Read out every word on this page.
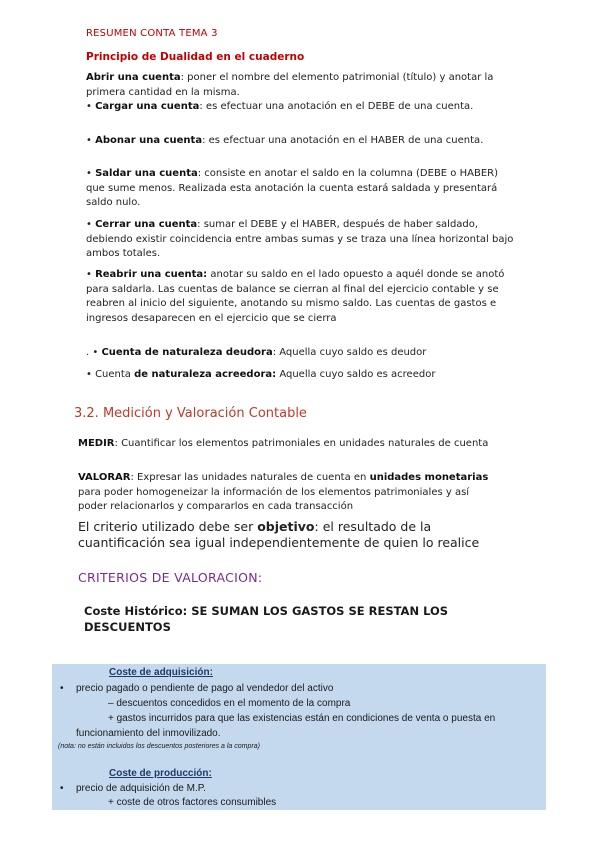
RESUMEN CONTA TEMA 3
Principio de Dualidad en el cuaderno
Abrir una cuenta: poner el nombre del elemento patrimonial (título) y anotar la primera cantidad en la misma.
• Cargar una cuenta: es efectuar una anotación en el DEBE de una cuenta.
• Abonar una cuenta: es efectuar una anotación en el HABER de una cuenta.
• Saldar una cuenta: consiste en anotar el saldo en la columna (DEBE o HABER) que sume menos. Realizada esta anotación la cuenta estará saldada y presentará saldo nulo.
• Cerrar una cuenta: sumar el DEBE y el HABER, después de haber saldado, debiendo existir coincidencia entre ambas sumas y se traza una línea horizontal bajo ambos totales.
• Reabrir una cuenta: anotar su saldo en el lado opuesto a aquél donde se anotó para saldarla. Las cuentas de balance se cierran al final del ejercicio contable y se reabren al inicio del siguiente, anotando su mismo saldo. Las cuentas de gastos e ingresos desaparecen en el ejercicio que se cierra
. • Cuenta de naturaleza deudora: Aquella cuyo saldo es deudor
• Cuenta de naturaleza acreedora: Aquella cuyo saldo es acreedor
3.2. Medición y Valoración Contable
MEDIR: Cuantificar los elementos patrimoniales en unidades naturales de cuenta
VALORAR: Expresar las unidades naturales de cuenta en unidades monetarias para poder homogeneizar la información de los elementos patrimoniales y así poder relacionarlos y compararlos en cada transacción
El criterio utilizado debe ser objetivo: el resultado de la cuantificación sea igual independientemente de quien lo realice
CRITERIOS DE VALORACION:
Coste Histórico: SE SUMAN LOS GASTOS SE RESTAN LOS DESCUENTOS
Coste de adquisición:
• precio pagado o pendiente de pago al vendedor del activo
– descuentos concedidos en el momento de la compra
+ gastos incurridos para que las existencias están en condiciones de venta o puesta en
funcionamiento del inmovilizado.
(nota: no están incluidos los descuentos posteriores a la compra)
Coste de producción:
• precio de adquisición de M.P.
+ coste de otros factores consumibles
